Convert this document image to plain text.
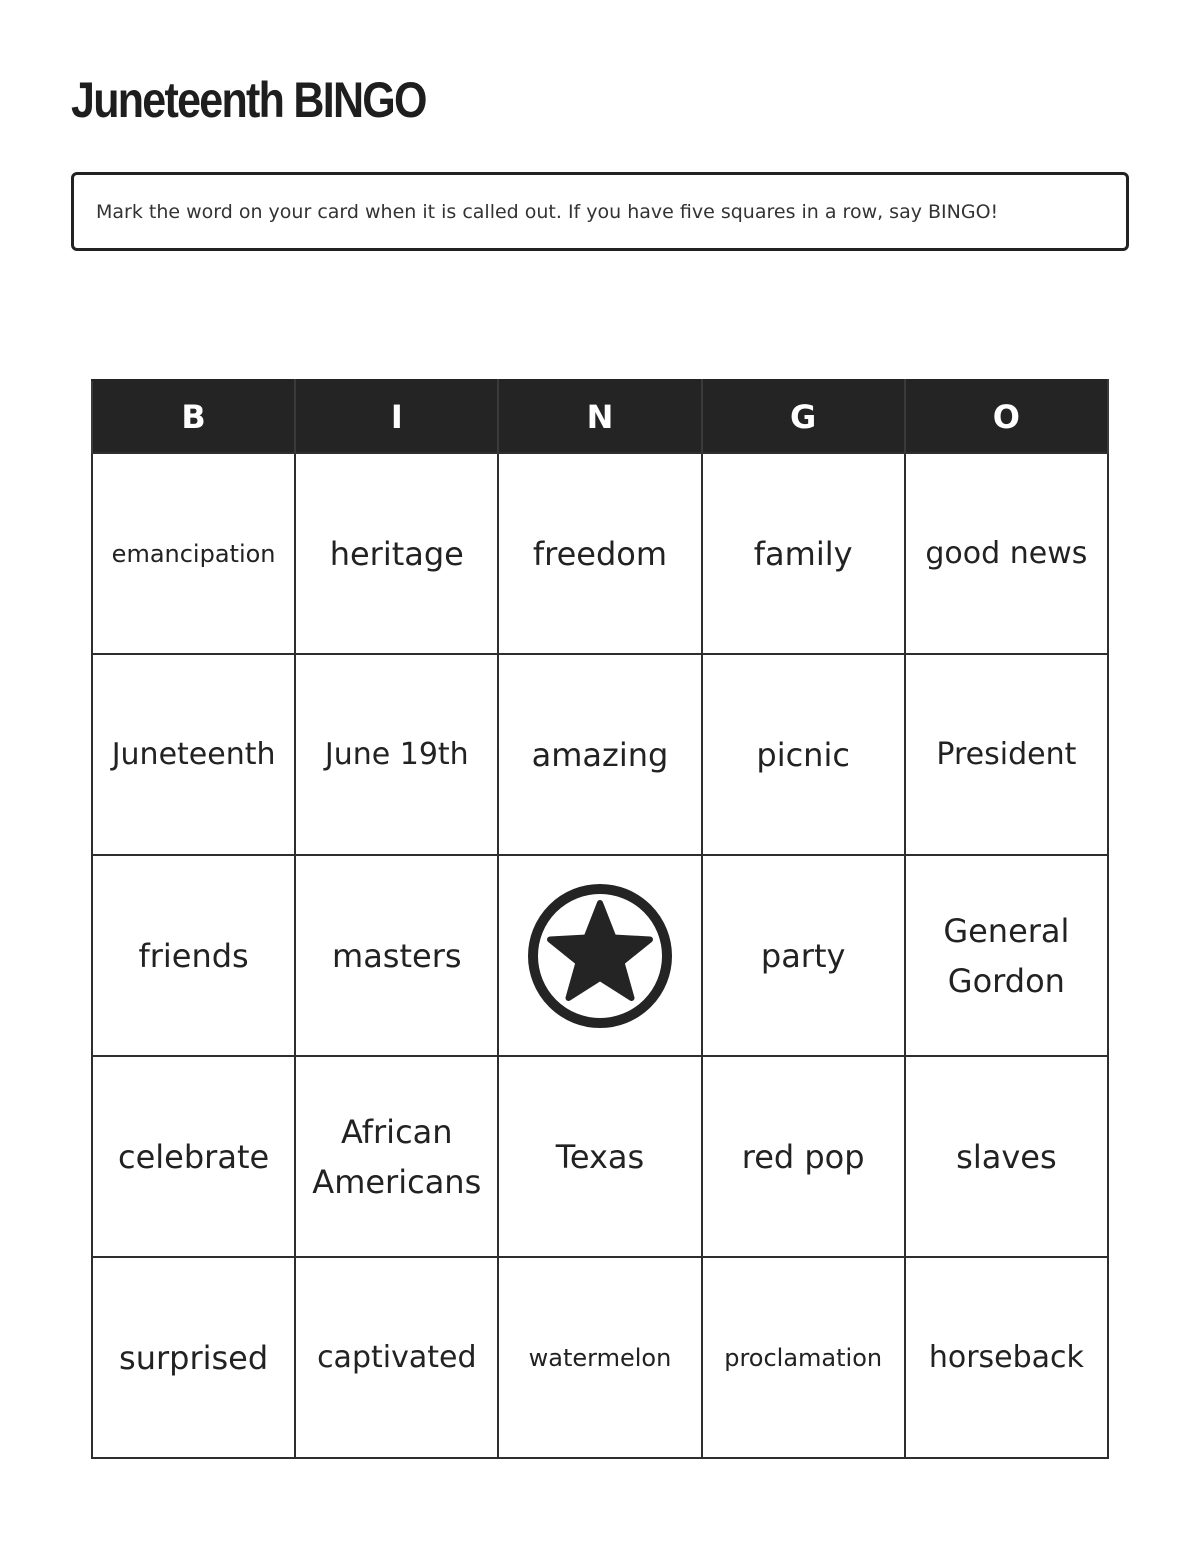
Juneteenth BINGO
Mark the word on your card when it is called out. If you have five squares in a row, say BINGO!
B	I	N	G	O
emancipation	heritage	freedom	family	good news
Juneteenth	June 19th	amazing	picnic	President
friends	masters		party	General Gordon
celebrate	African Americans	Texas	red pop	slaves
surprised	captivated	watermelon	proclamation	horseback
